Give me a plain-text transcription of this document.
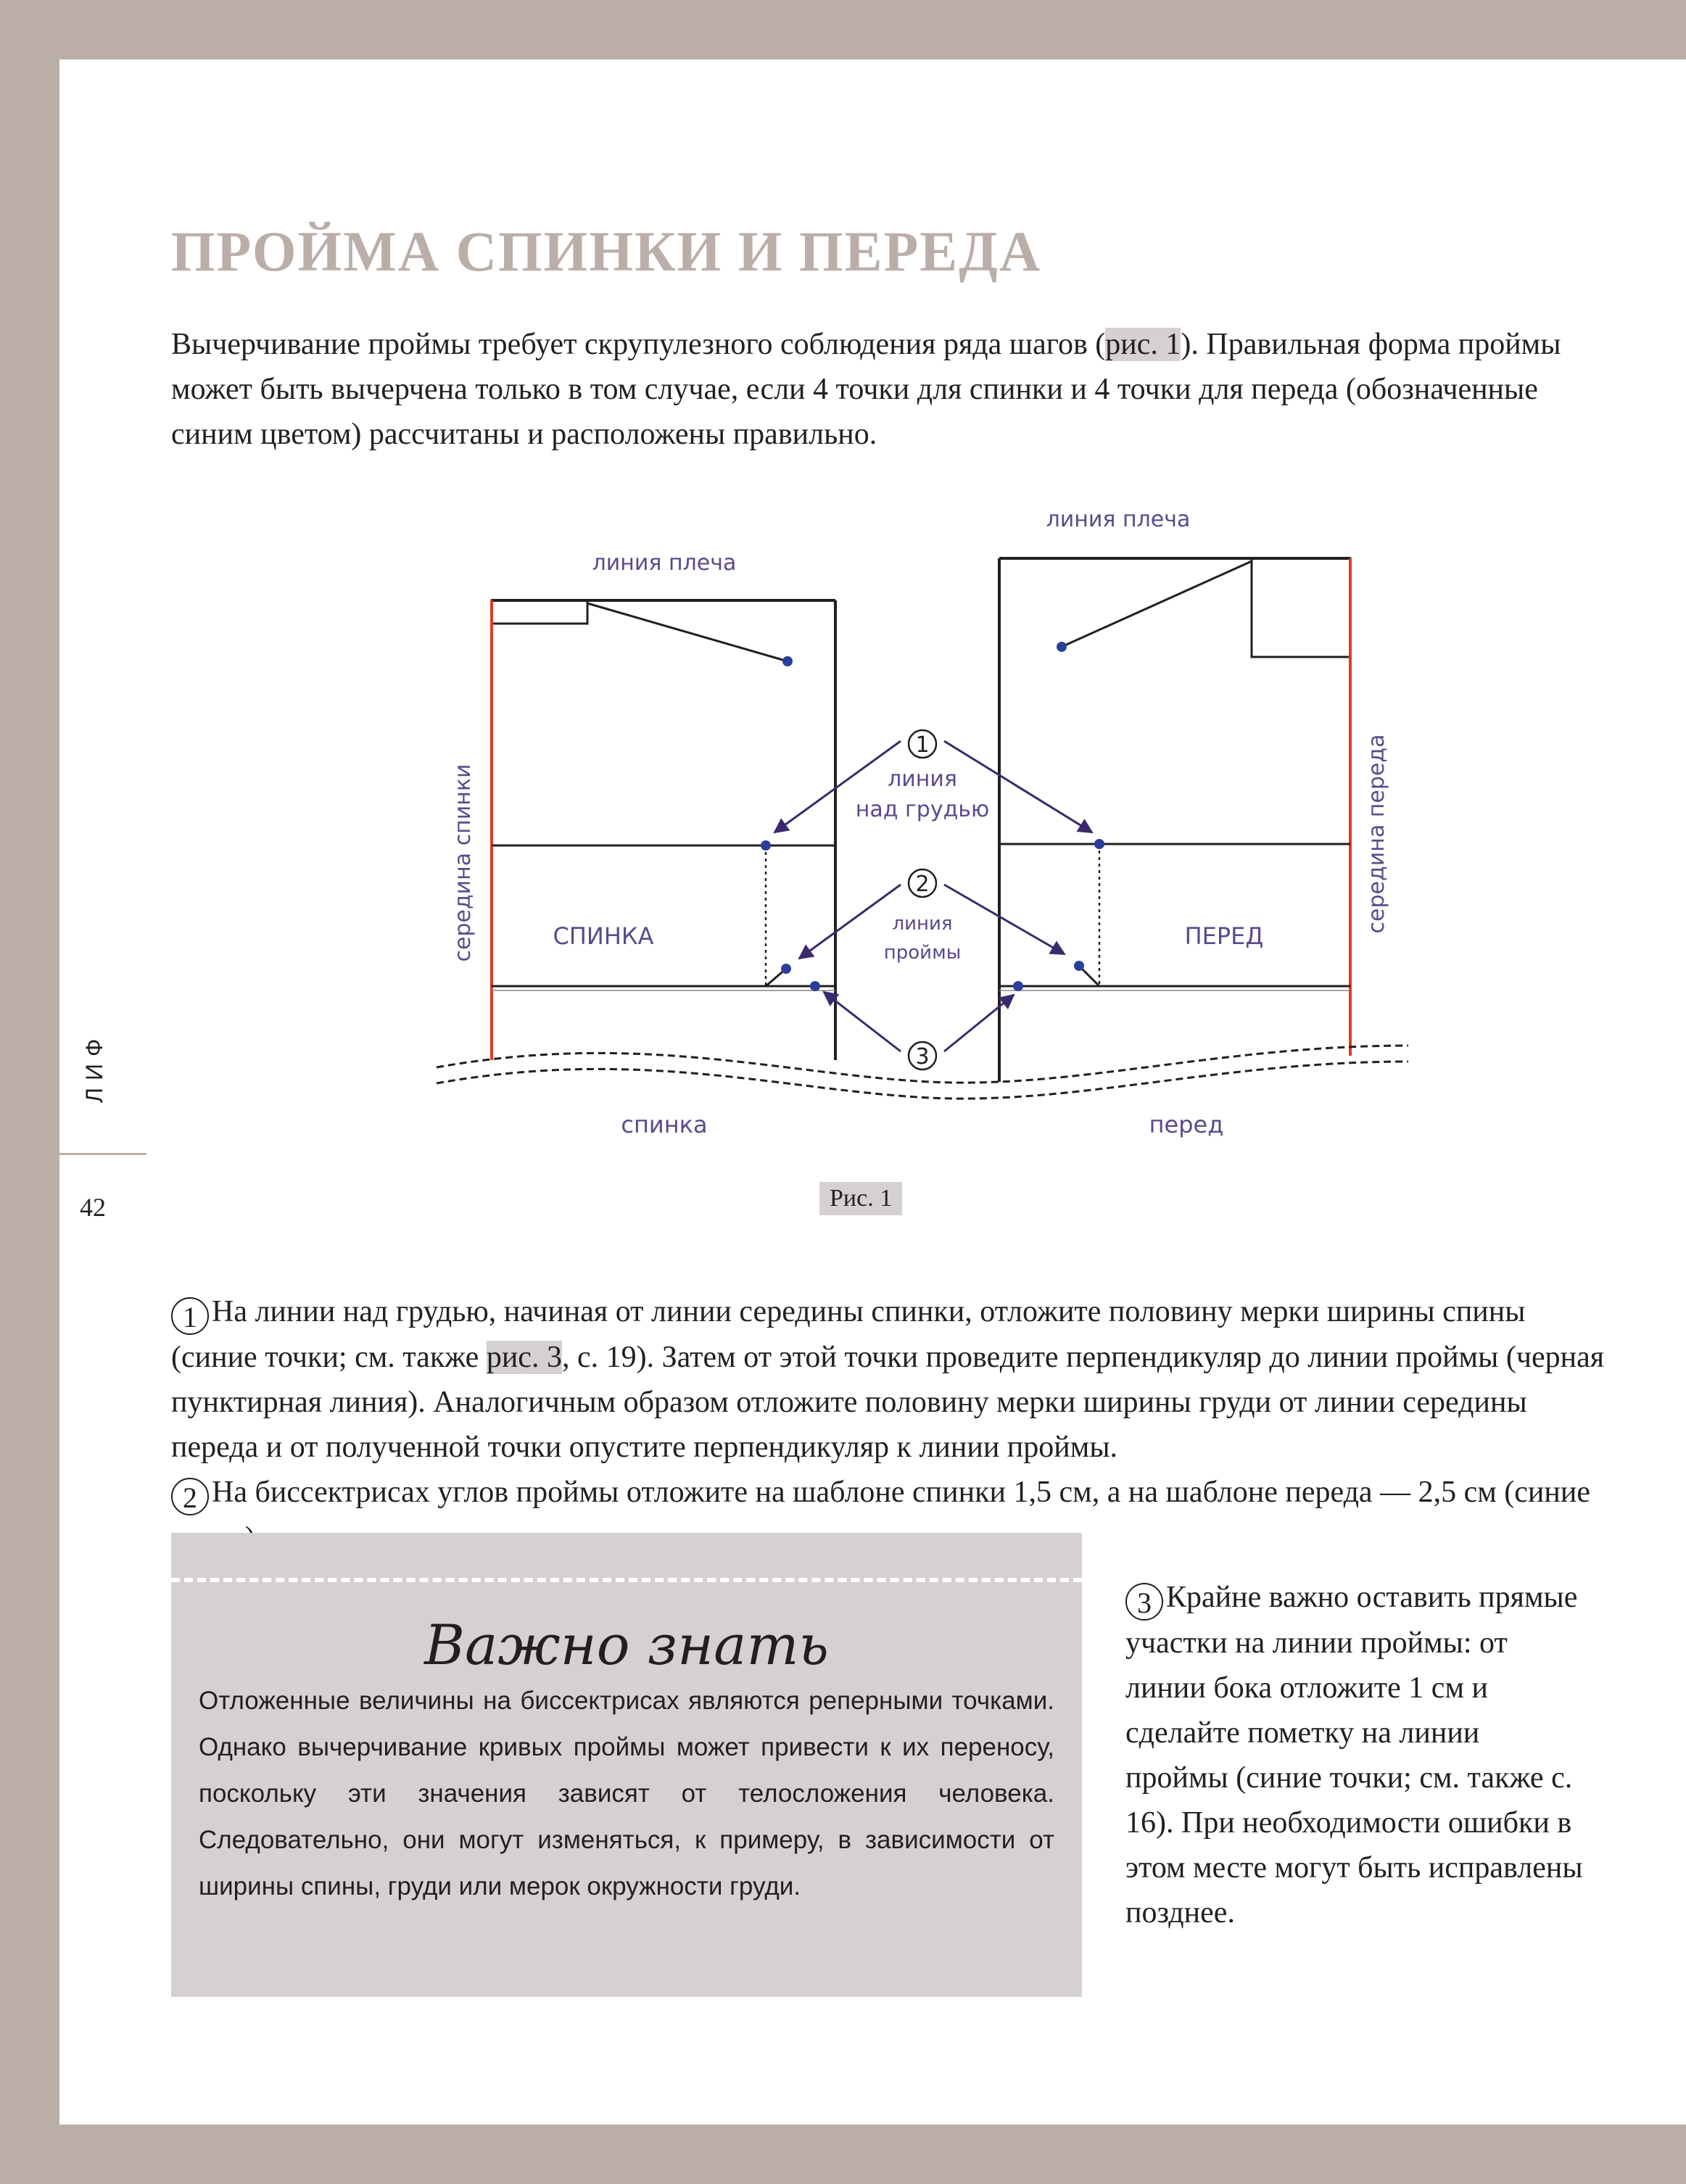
ПРОЙМА СПИНКИ И ПЕРЕДА

Вычерчивание проймы требует скрупулезного соблюдения ряда шагов (рис. 1). Правильная форма проймы может быть вычерчена только в том случае, если 4 точки для спинки и 4 точки для переда (обозначенные синим цветом) рассчитаны и расположены правильно.

1
2
3
линия плеча
линия плеча
линия
над грудью
линия
проймы
СПИНКА	ПЕРЕД
спинка	перед
середина спинки	середина переда
Рис. 1

1 На линии над грудью, начиная от линии середины спинки, отложите половину мерки ширины спины (синие точки; см. также рис. 3, с. 19). Затем от этой точки проведите перпендикуляр до линии проймы (черная пунктирная линия). Аналогичным образом отложите половину мерки ширины груди от линии середины переда и от полученной точки опустите перпендикуляр к линии проймы.
2 На биссектрисах углов проймы отложите на шаблоне спинки 1,5 см, а на шаблоне переда — 2,5 см (синие

Важно знать

Отложенные величины на биссектрисах являются реперными точками. Однако вычерчивание кривых проймы может привести к их переносу, поскольку эти значения зависят от телосложения человека. Следовательно, они могут изменяться, к примеру, в зависимости от ширины спины, груди или мерок окружности груди.

3 Крайне важно оставить прямые участки на линии проймы: от линии бока отложите 1 см и сделайте пометку на линии проймы (синие точки; см. также с. 16). При необходимости ошибки в этом месте могут быть исправлены позднее.

ЛИФ
42
